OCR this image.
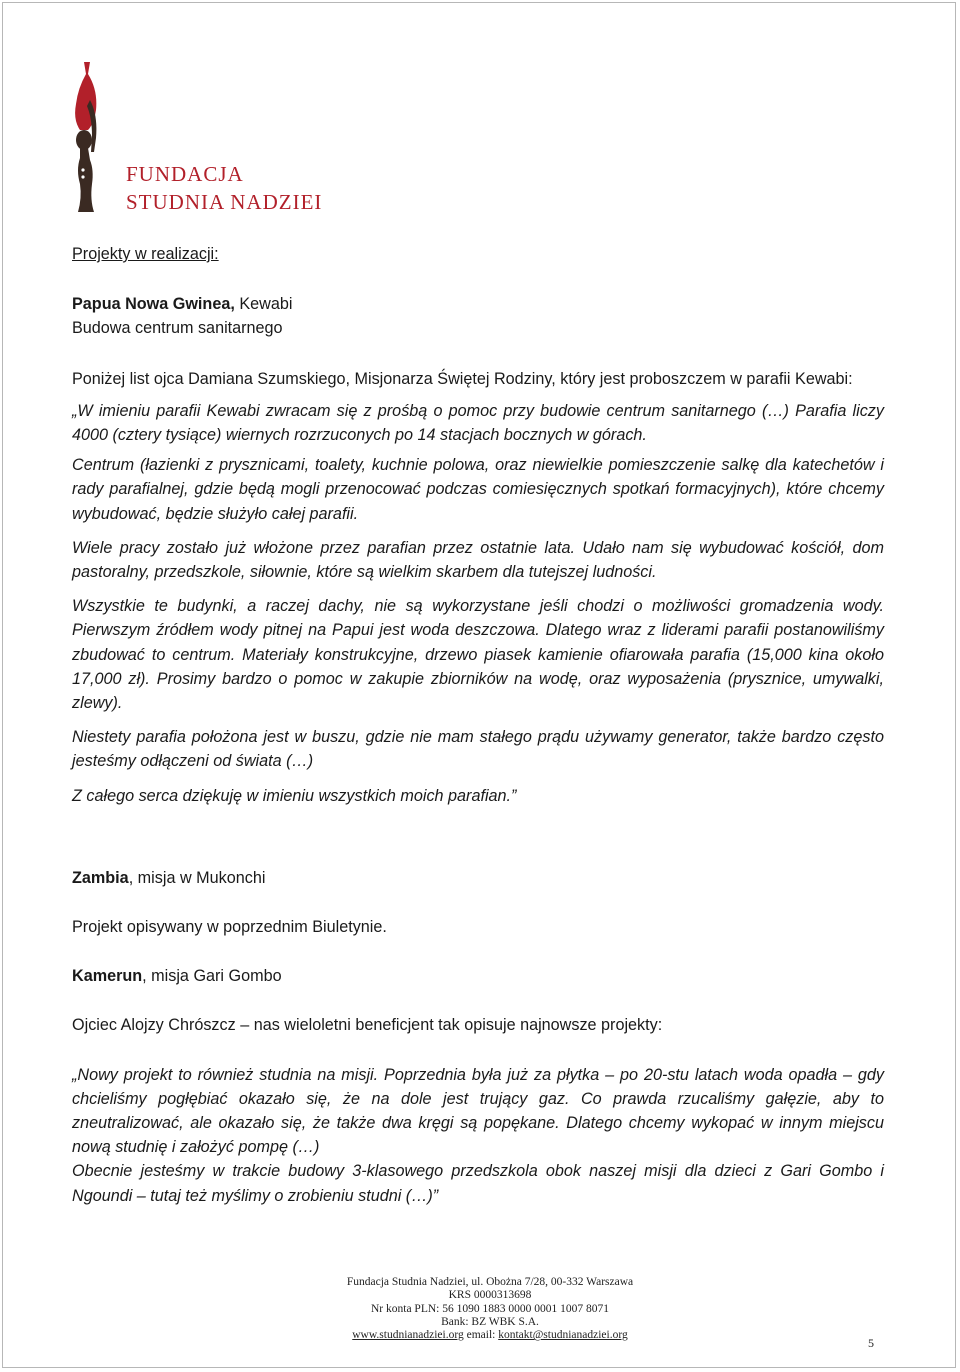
FUNDACJA
STUDNIA NADZIEI

Projekty w realizacji:

Papua Nowa Gwinea, Kewabi

Budowa centrum sanitarnego

Poniżej list ojca Damiana Szumskiego, Misjonarza Świętej Rodziny, który jest proboszczem w parafii Kewabi:

„W imieniu parafii Kewabi zwracam się z prośbą o pomoc przy budowie centrum sanitarnego (…) Parafia liczy 4000 (cztery tysiące) wiernych rozrzuconych po 14 stacjach bocznych w górach.

Centrum (łazienki z prysznicami, toalety, kuchnie polowa, oraz niewielkie pomieszczenie salkę dla katechetów i rady parafialnej, gdzie będą mogli przenocować podczas comiesięcznych spotkań formacyjnych), które chcemy wybudować, będzie służyło całej parafii.

Wiele pracy zostało już włożone przez parafian przez ostatnie lata. Udało nam się wybudować kościół, dom pastoralny, przedszkole, siłownie, które są wielkim skarbem dla tutejszej ludności.

Wszystkie te budynki, a raczej dachy, nie są wykorzystane jeśli chodzi o możliwości gromadzenia wody. Pierwszym źródłem wody pitnej na Papui jest woda deszczowa. Dlatego wraz z liderami parafii postanowiliśmy zbudować to centrum. Materiały konstrukcyjne, drzewo piasek kamienie ofiarowała parafia (15,000 kina około 17,000 zł). Prosimy bardzo o pomoc w zakupie zbiorników na wodę, oraz wyposażenia (prysznice, umywalki, zlewy).

Niestety parafia położona jest w buszu, gdzie nie mam stałego prądu używamy generator, także bardzo często jesteśmy odłączeni od świata (…)

Z całego serca dziękuję w imieniu wszystkich moich parafian.”

Zambia, misja w Mukonchi

Projekt opisywany w poprzednim Biuletynie.

Kamerun, misja Gari Gombo

Ojciec Alojzy Chrószcz – nas wieloletni beneficjent tak opisuje najnowsze projekty:

„Nowy projekt to również studnia na misji. Poprzednia była już za płytka – po 20-stu latach woda opadła – gdy chcieliśmy pogłębiać okazało się, że na dole jest trujący gaz. Co prawda rzucaliśmy gałęzie, aby to zneutralizować, ale okazało się, że także dwa kręgi są popękane. Dlatego chcemy wykopać w innym miejscu nową studnię i założyć pompę (…)

Obecnie jesteśmy w trakcie budowy 3-klasowego przedszkola obok naszej misji dla dzieci z Gari Gombo i Ngoundi – tutaj też myślimy o zrobieniu studni (…)”

Fundacja Studnia Nadziei, ul. Obożna 7/28, 00-332 Warszawa
KRS 0000313698
Nr konta PLN: 56 1090 1883 0000 0001 1007 8071
Bank: BZ WBK S.A.
www.studnianadziei.org email: kontakt@studnianadziei.org
5
